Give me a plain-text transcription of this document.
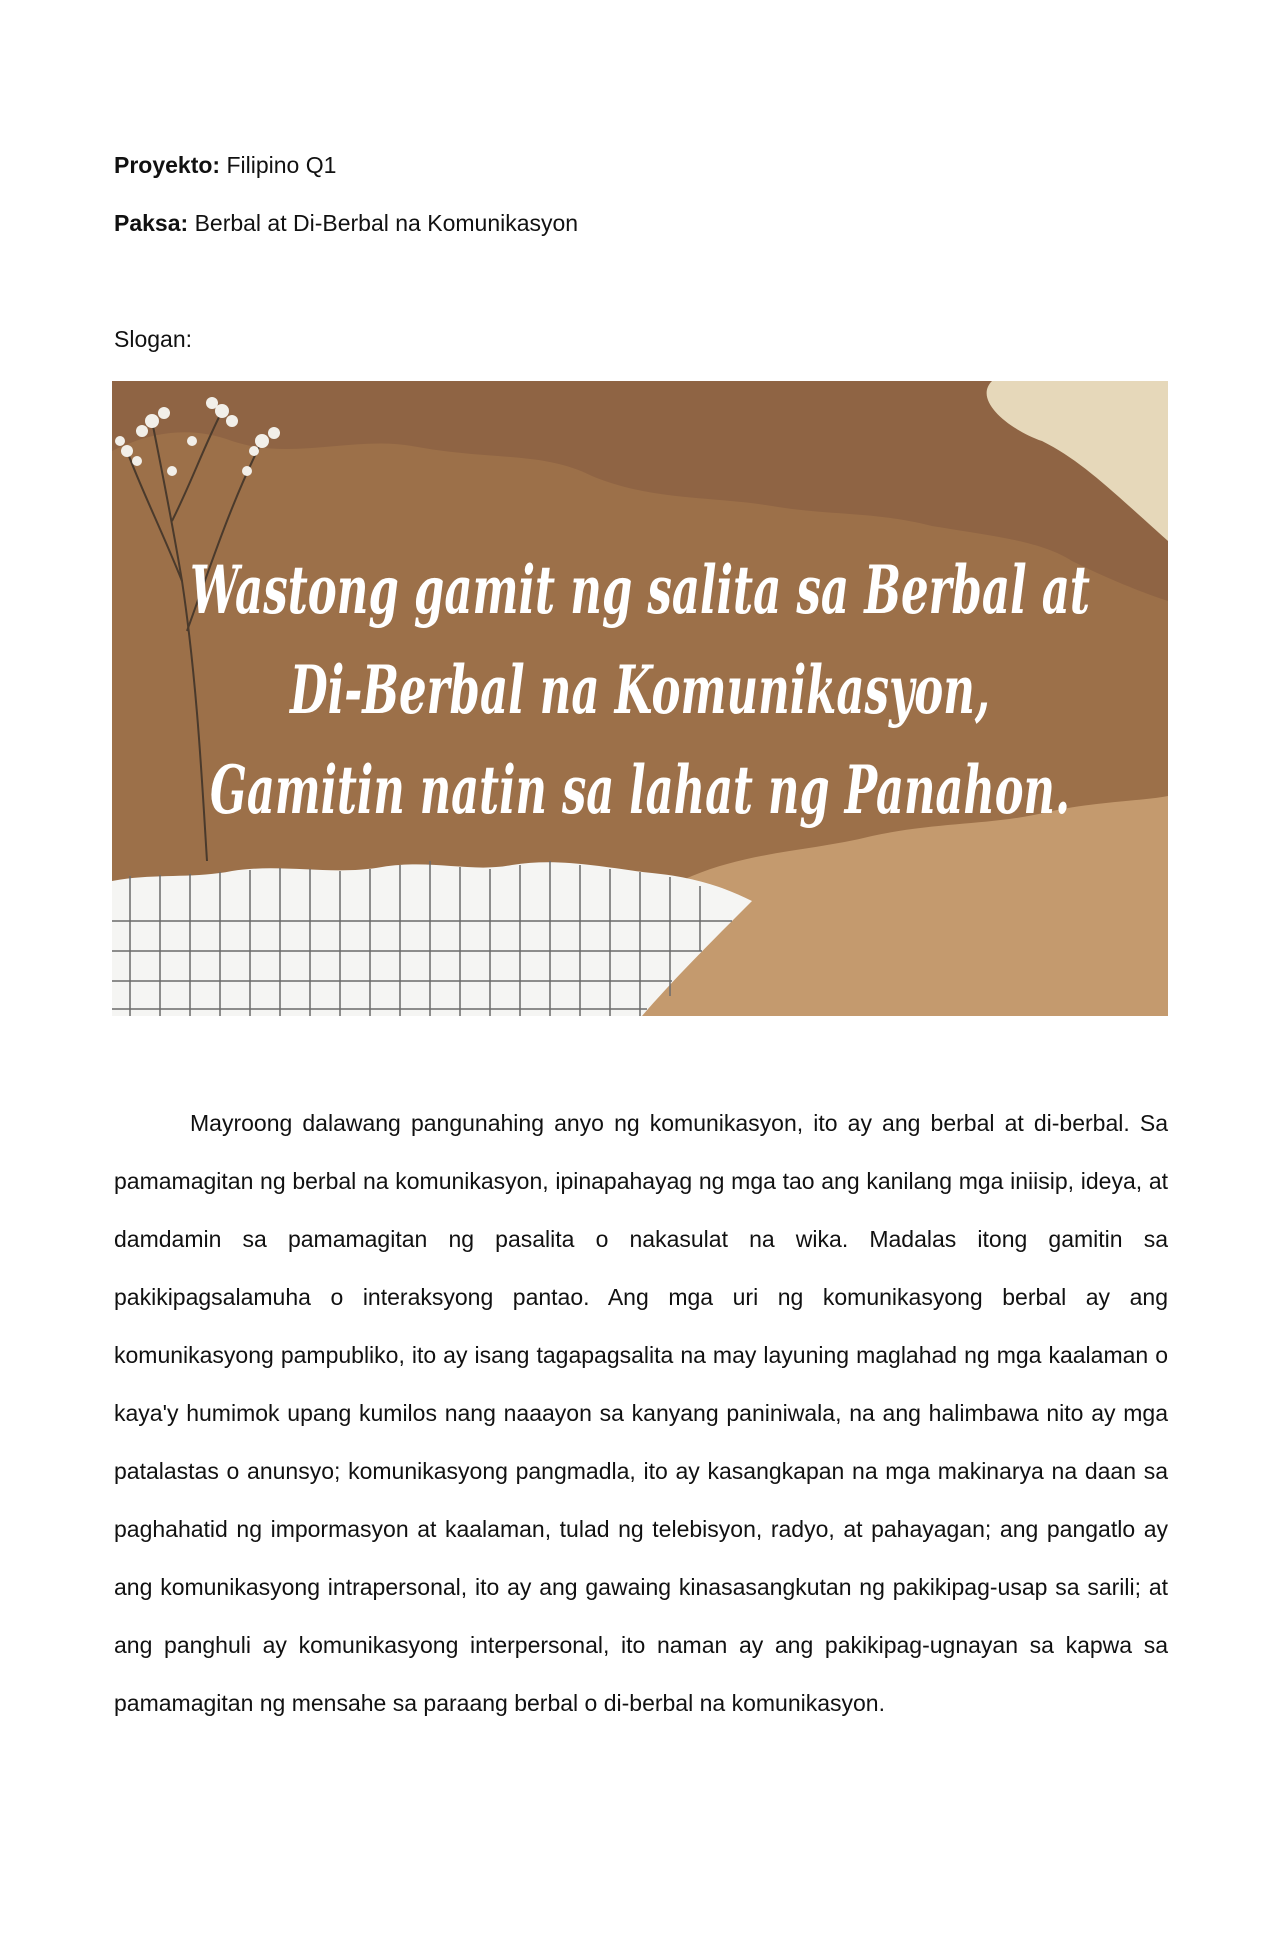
Proyekto: Filipino Q1
Paksa: Berbal at Di-Berbal na Komunikasyon
Slogan:
Wastong gamit ng salita sa Berbal at
Di-Berbal na Komunikasyon,
Gamitin natin sa lahat ng Panahon.

Mayroong dalawang pangunahing anyo ng komunikasyon, ito ay ang berbal at di-berbal. Sa pamamagitan ng berbal na komunikasyon, ipinapahayag ng mga tao ang kanilang mga iniisip, ideya, at damdamin sa pamamagitan ng pasalita o nakasulat na wika. Madalas itong gamitin sa pakikipagsalamuha o interaksyong pantao. Ang mga uri ng komunikasyong berbal ay ang komunikasyong pampubliko, ito ay isang tagapagsalita na may layuning maglahad ng mga kaalaman o kaya'y humimok upang kumilos nang naaayon sa kanyang paniniwala, na ang halimbawa nito ay mga patalastas o anunsyo; komunikasyong pangmadla, ito ay kasangkapan na mga makinarya na daan sa paghahatid ng impormasyon at kaalaman, tulad ng telebisyon, radyo, at pahayagan; ang pangatlo ay ang komunikasyong intrapersonal, ito ay ang gawaing kinasasangkutan ng pakikipag-usap sa sarili; at ang panghuli ay komunikasyong interpersonal, ito naman ay ang pakikipag-ugnayan sa kapwa sa pamamagitan ng mensahe sa paraang berbal o di-berbal na komunikasyon.
